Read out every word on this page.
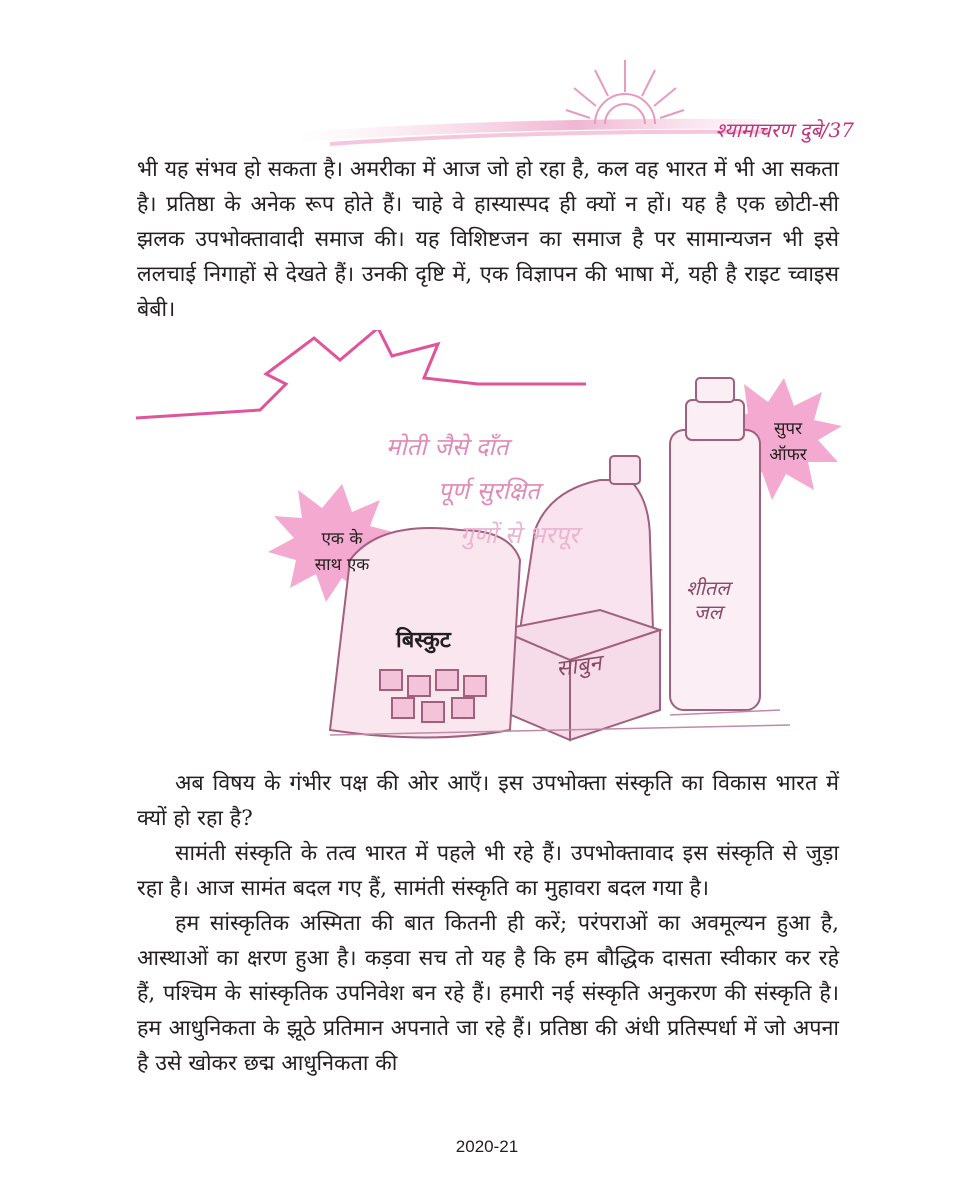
श्यामाचरण दुबे/37

भी यह संभव हो सकता है। अमरीका में आज जो हो रहा है, कल वह भारत में भी आ सकता है। प्रतिष्ठा के अनेक रूप होते हैं। चाहे वे हास्यास्पद ही क्यों न हों। यह है एक छोटी-सी झलक उपभोक्तावादी समाज की। यह विशिष्टजन का समाज है पर सामान्यजन भी इसे ललचाई निगाहों से देखते हैं। उनकी दृष्टि में, एक विज्ञापन की भाषा में, यही है राइट च्वाइस बेबी।

मोती जैसे दाँत
पूर्ण सुरक्षित
गुणों से भरपूर
एक के
साथ एक
सुपर
ऑफर
बिस्कुट
साबुन
शीतल
जल

अब विषय के गंभीर पक्ष की ओर आएँ। इस उपभोक्ता संस्कृति का विकास भारत में क्यों हो रहा है?

सामंती संस्कृति के तत्व भारत में पहले भी रहे हैं। उपभोक्तावाद इस संस्कृति से जुड़ा रहा है। आज सामंत बदल गए हैं, सामंती संस्कृति का मुहावरा बदल गया है।

हम सांस्कृतिक अस्मिता की बात कितनी ही करें; परंपराओं का अवमूल्यन हुआ है, आस्थाओं का क्षरण हुआ है। कड़वा सच तो यह है कि हम बौद्धिक दासता स्वीकार कर रहे हैं, पश्चिम के सांस्कृतिक उपनिवेश बन रहे हैं। हमारी नई संस्कृति अनुकरण की संस्कृति है। हम आधुनिकता के झूठे प्रतिमान अपनाते जा रहे हैं। प्रतिष्ठा की अंधी प्रतिस्पर्धा में जो अपना है उसे खोकर छद्म आधुनिकता की

2020-21
